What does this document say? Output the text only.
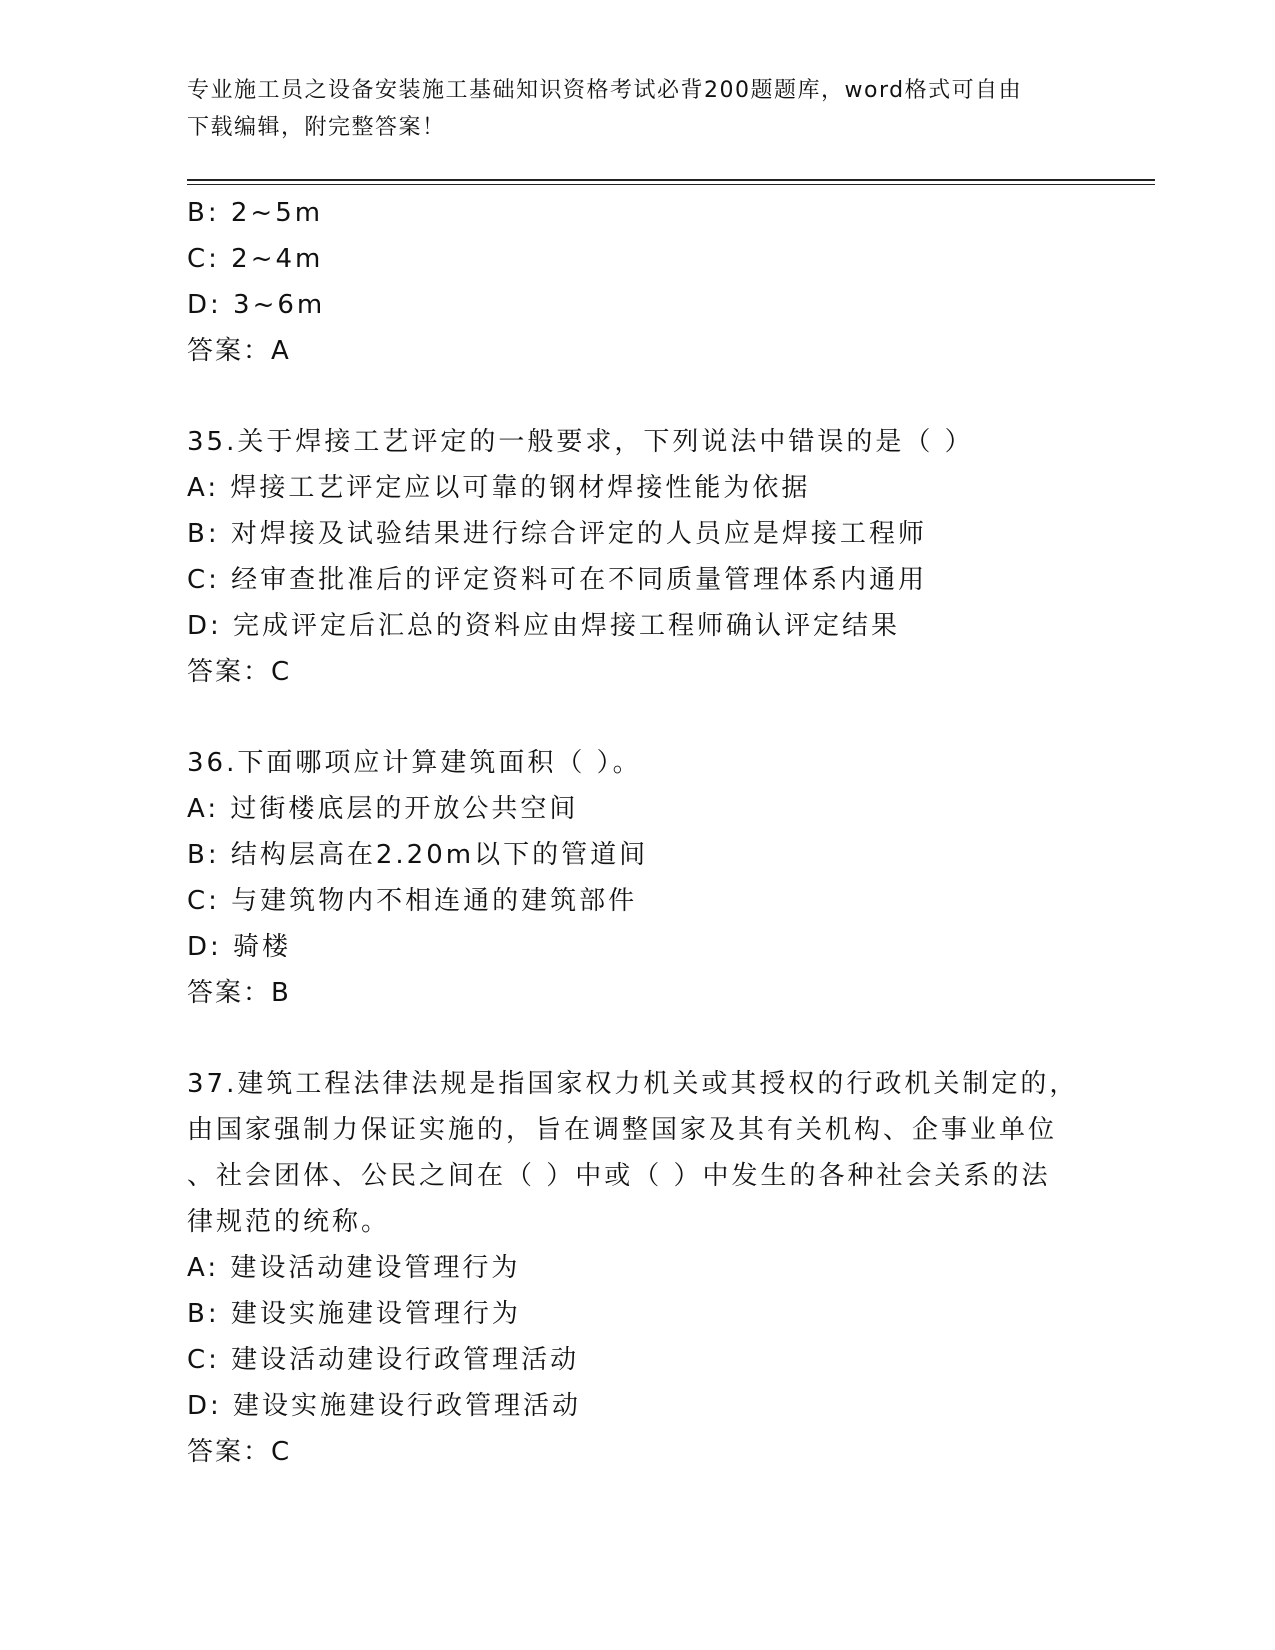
专业施工员之设备安装施工基础知识资格考试必背200题题库，word格式可自由
下载编辑，附完整答案！
B: 2~5m
C: 2~4m
D: 3~6m
答案：A
35.关于焊接工艺评定的一般要求，下列说法中错误的是（ ）
A: 焊接工艺评定应以可靠的钢材焊接性能为依据
B: 对焊接及试验结果进行综合评定的人员应是焊接工程师
C: 经审查批准后的评定资料可在不同质量管理体系内通用
D: 完成评定后汇总的资料应由焊接工程师确认评定结果
答案：C
36.下面哪项应计算建筑面积（ ）。
A: 过街楼底层的开放公共空间
B: 结构层高在2.20m以下的管道间
C: 与建筑物内不相连通的建筑部件
D: 骑楼
答案：B
37.建筑工程法律法规是指国家权力机关或其授权的行政机关制定的，
由国家强制力保证实施的，旨在调整国家及其有关机构、企事业单位
、社会团体、公民之间在（ ）中或（ ）中发生的各种社会关系的法
律规范的统称。
A: 建设活动建设管理行为
B: 建设实施建设管理行为
C: 建设活动建设行政管理活动
D: 建设实施建设行政管理活动
答案：C
